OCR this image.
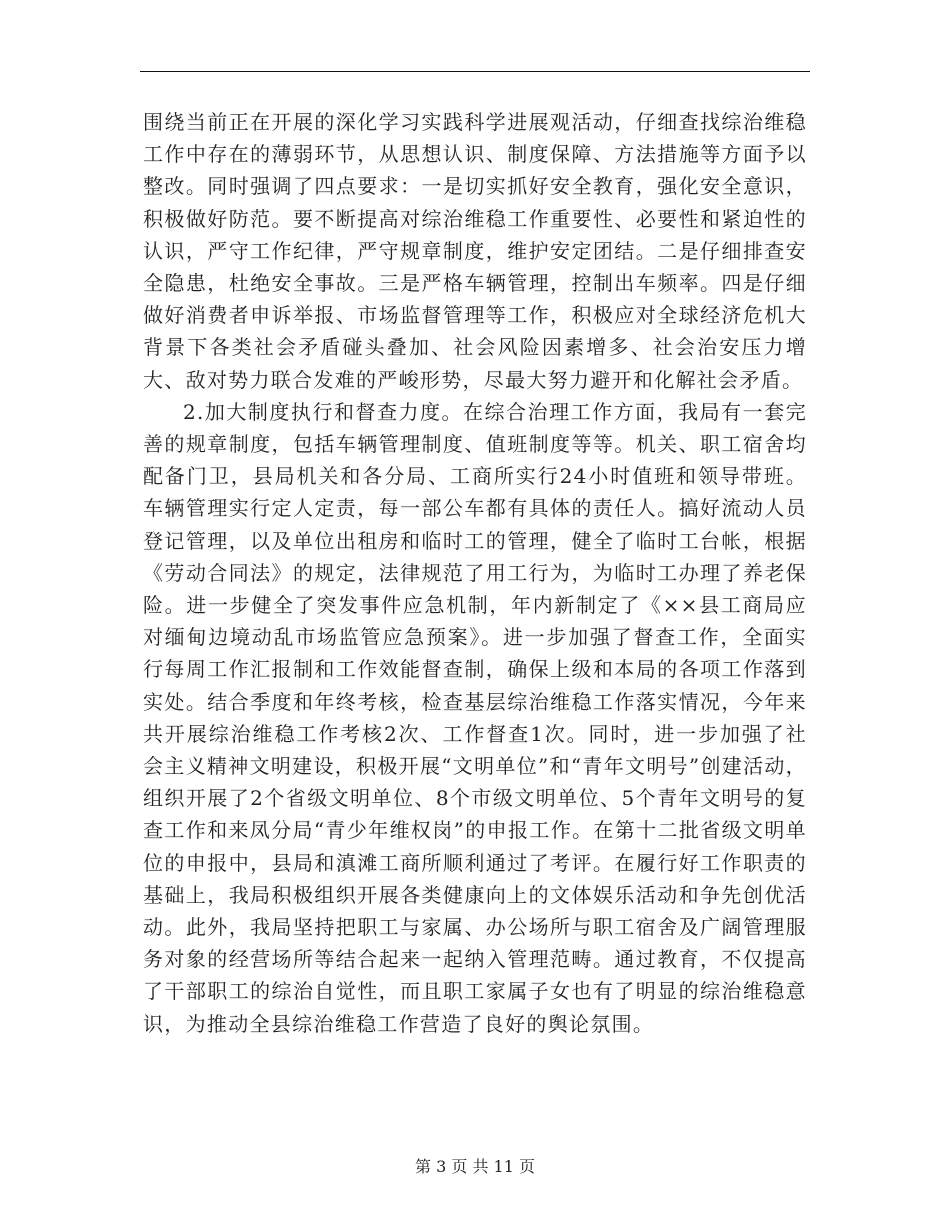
围绕当前正在开展的深化学习实践科学进展观活动，仔细查找综治维稳工作中存在的薄弱环节，从思想认识、制度保障、方法措施等方面予以整改。同时强调了四点要求：一是切实抓好安全教育，强化安全意识，积极做好防范。要不断提高对综治维稳工作重要性、必要性和紧迫性的认识，严守工作纪律，严守规章制度，维护安定团结。二是仔细排查安全隐患，杜绝安全事故。三是严格车辆管理，控制出车频率。四是仔细做好消费者申诉举报、市场监督管理等工作，积极应对全球经济危机大背景下各类社会矛盾碰头叠加、社会风险因素增多、社会治安压力增大、敌对势力联合发难的严峻形势，尽最大努力避开和化解社会矛盾。

2.加大制度执行和督查力度。在综合治理工作方面，我局有一套完善的规章制度，包括车辆管理制度、值班制度等等。机关、职工宿舍均配备门卫，县局机关和各分局、工商所实行24小时值班和领导带班。车辆管理实行定人定责，每一部公车都有具体的责任人。搞好流动人员登记管理，以及单位出租房和临时工的管理，健全了临时工台帐，根据《劳动合同法》的规定，法律规范了用工行为，为临时工办理了养老保险。进一步健全了突发事件应急机制，年内新制定了《××县工商局应对缅甸边境动乱市场监管应急预案》。进一步加强了督查工作，全面实行每周工作汇报制和工作效能督查制，确保上级和本局的各项工作落到实处。结合季度和年终考核，检查基层综治维稳工作落实情况，今年来共开展综治维稳工作考核2次、工作督查1次。同时，进一步加强了社会主义精神文明建设，积极开展“文明单位”和“青年文明号”创建活动，组织开展了2个省级文明单位、8个市级文明单位、5个青年文明号的复查工作和来凤分局“青少年维权岗”的申报工作。在第十二批省级文明单位的申报中，县局和滇滩工商所顺利通过了考评。在履行好工作职责的基础上，我局积极组织开展各类健康向上的文体娱乐活动和争先创优活动。此外，我局坚持把职工与家属、办公场所与职工宿舍及广阔管理服务对象的经营场所等结合起来一起纳入管理范畴。通过教育，不仅提高了干部职工的综治自觉性，而且职工家属子女也有了明显的综治维稳意识，为推动全县综治维稳工作营造了良好的舆论氛围。

第 3 页 共 11 页
